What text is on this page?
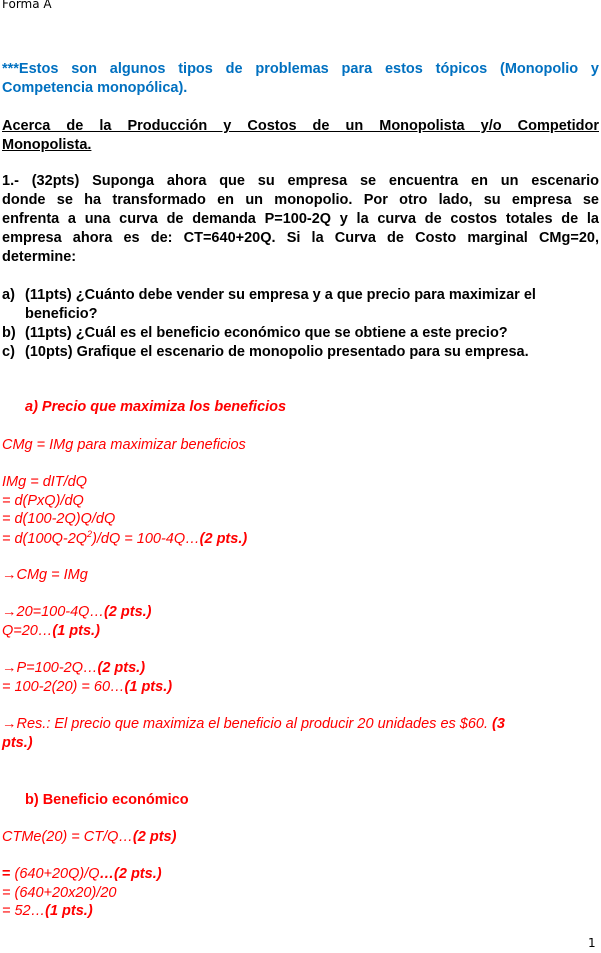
Forma A
***Estos son algunos tipos de problemas para estos tópicos (Monopolio y
Competencia monopólica).
Acerca de la Producción y Costos de un Monopolista y/o Competidor
Monopolista.
1.- (32pts) Suponga ahora que su empresa se encuentra en un escenario
donde se ha transformado en un monopolio. Por otro lado, su empresa se
enfrenta a una curva de demanda P=100-2Q y la curva de costos totales de la
empresa ahora es de: CT=640+20Q. Si la Curva de Costo marginal CMg=20,
determine:
a) (11pts) ¿Cuánto debe vender su empresa y a que precio para maximizar el
beneficio?
b) (11pts) ¿Cuál es el beneficio económico que se obtiene a este precio?
c) (10pts) Grafique el escenario de monopolio presentado para su empresa.
a) Precio que maximiza los beneficios
CMg = IMg para maximizar beneficios
IMg = dIT/dQ
= d(PxQ)/dQ
= d(100-2Q)Q/dQ
= $d(100Q-2Q^2)/dQ$ = 100-4Q…(2 pts.)
→CMg = IMg
→20=100-4Q…(2 pts.)
Q=20…(1 pts.)
→P=100-2Q…(2 pts.)
= 100-2(20) = 60…(1 pts.)
→Res.: El precio que maximiza el beneficio al producir 20 unidades es $60. (3
pts.)
b) Beneficio económico
CTMe(20) = CT/Q…(2 pts)
= (640+20Q)/Q…(2 pts.)
= (640+20x20)/20
= 52…(1 pts.)
1
